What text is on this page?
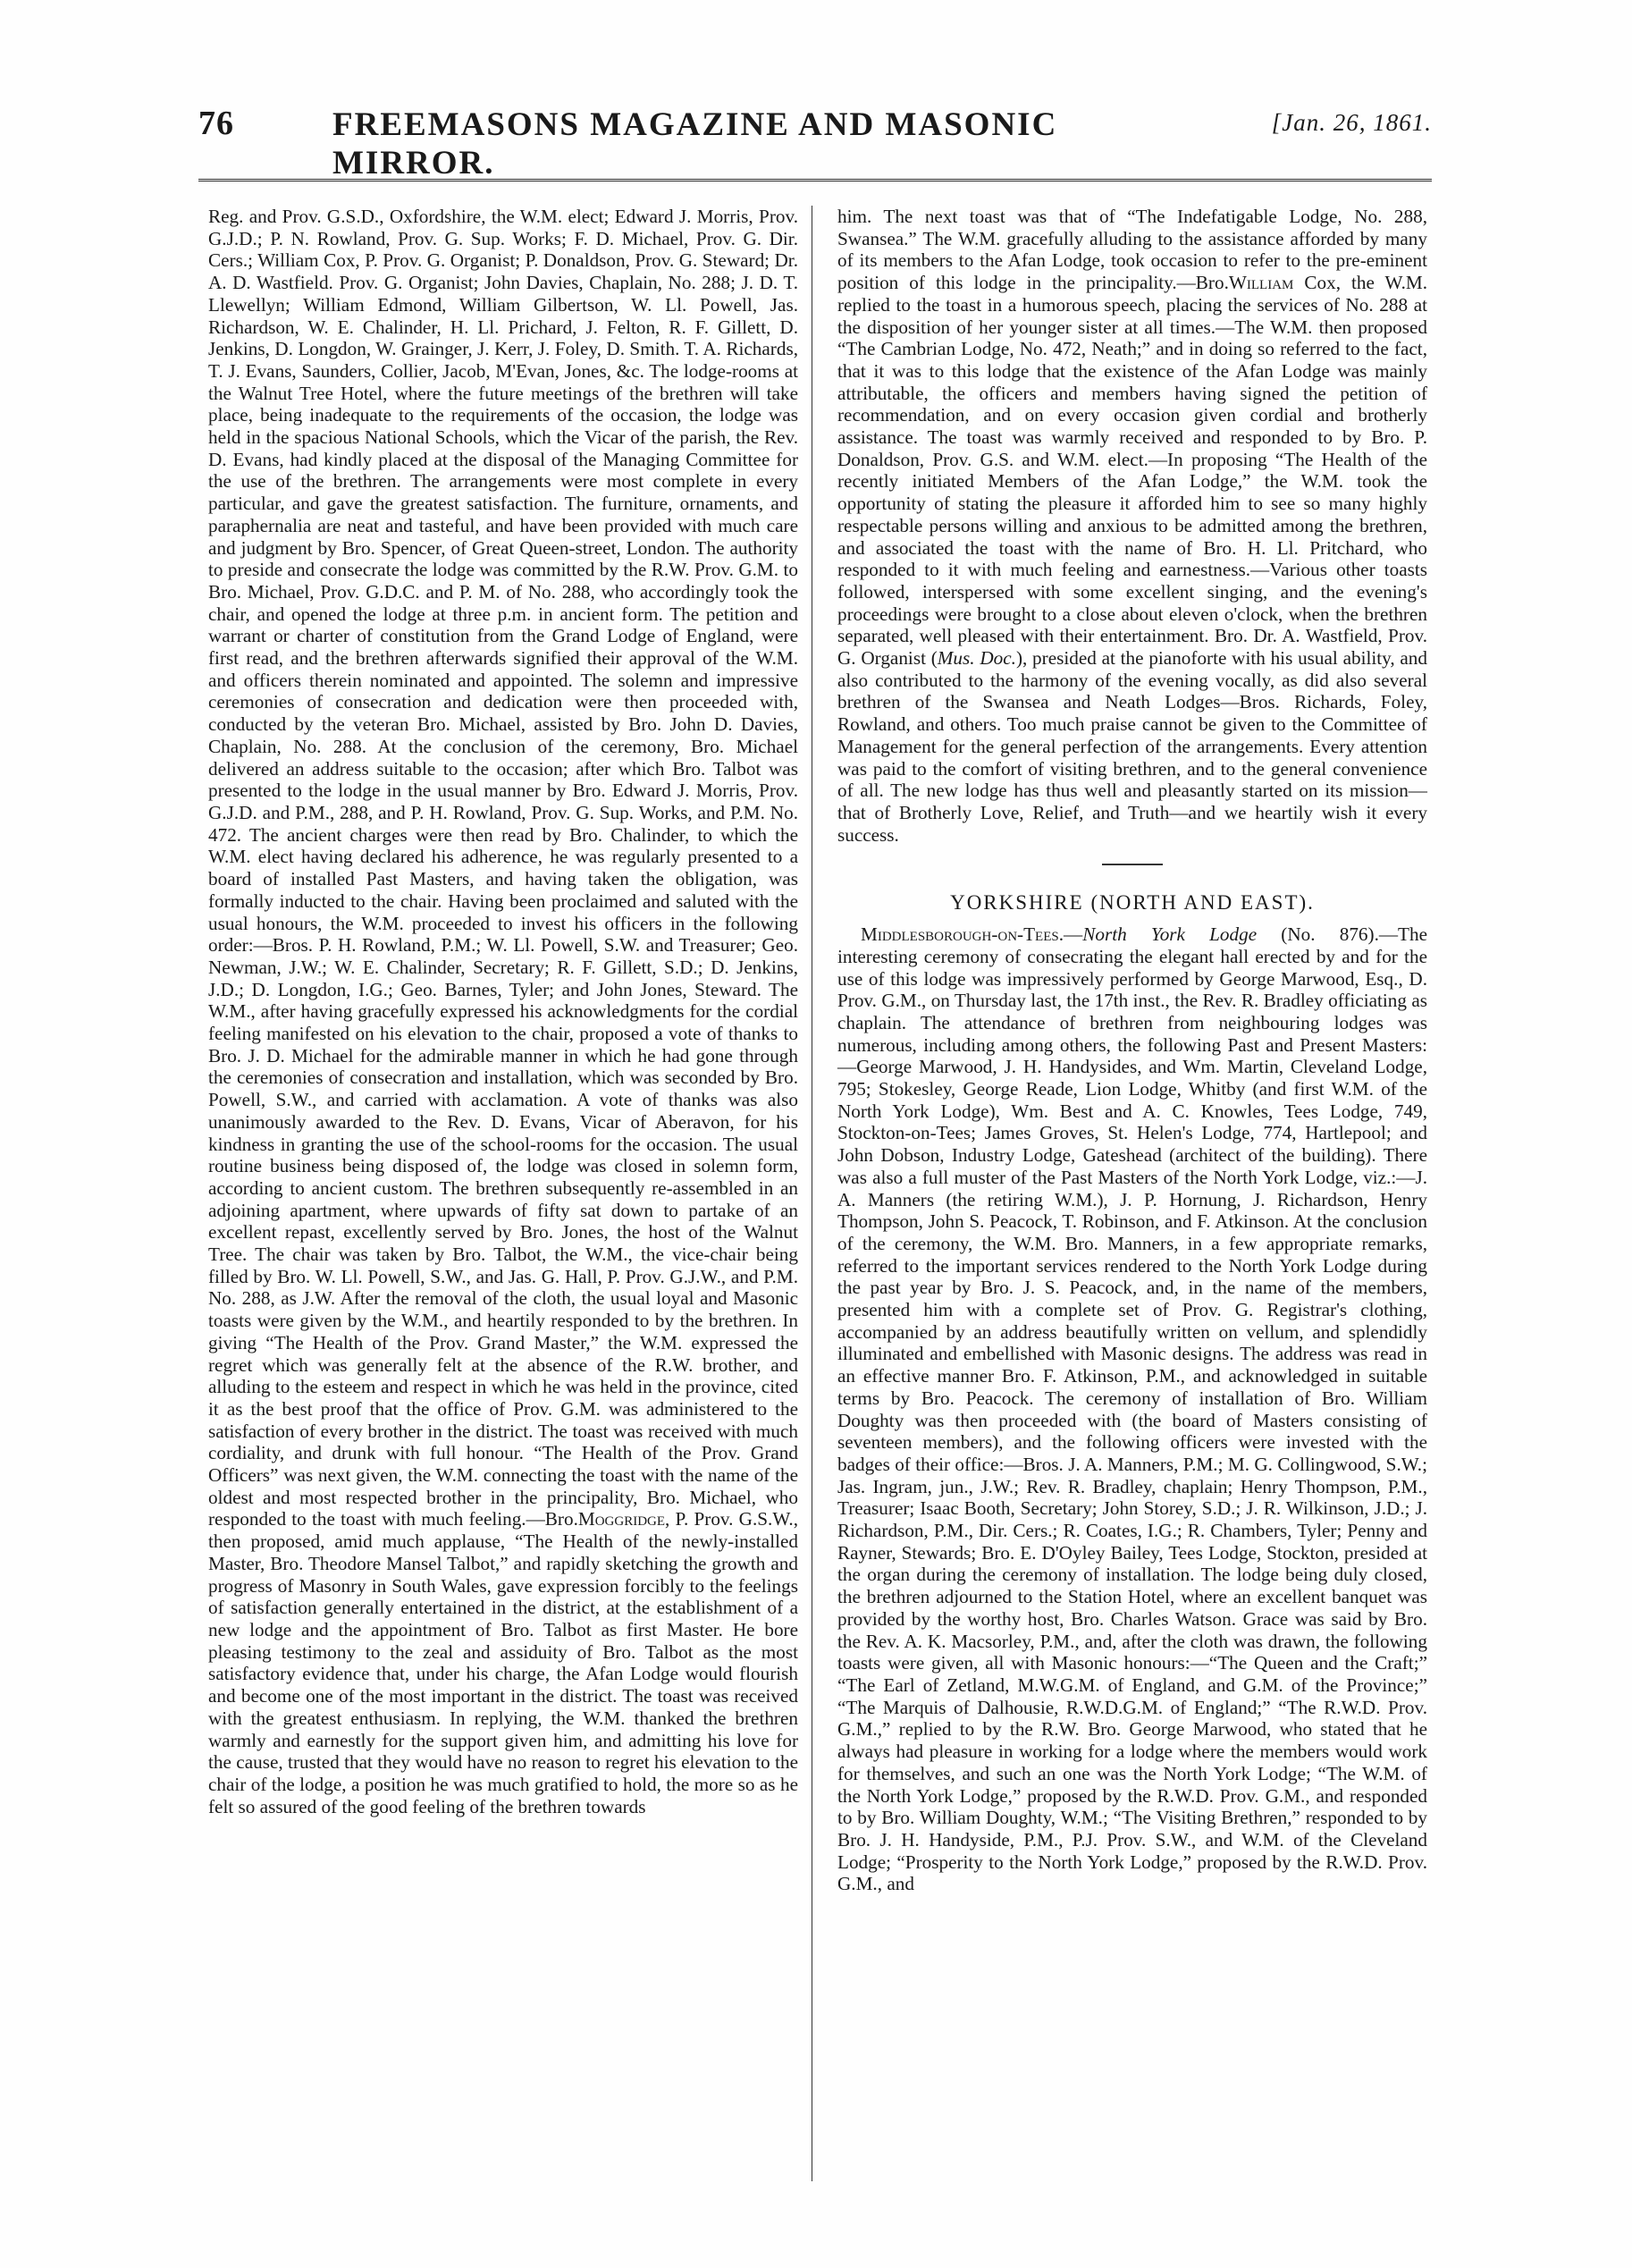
76	FREEMASONS MAGAZINE AND MASONIC MIRROR.
[Jan. 26, 1861.

Reg. and Prov. G.S.D., Oxfordshire, the W.M. elect; Edward J. Morris, Prov. G.J.D.; P. N. Rowland, Prov. G. Sup. Works; F. D. Michael, Prov. G. Dir. Cers.; William Cox, P. Prov. G. Organist; P. Donaldson, Prov. G. Steward; Dr. A. D. Wastfield. Prov. G. Organist; John Davies, Chaplain, No. 288; J. D. T. Llewellyn; William Edmond, William Gilbertson, W. Ll. Powell, Jas. Richardson, W. E. Chalinder, H. Ll. Prichard, J. Felton, R. F. Gillett, D. Jenkins, D. Longdon, W. Grainger, J. Kerr, J. Foley, D. Smith. T. A. Richards, T. J. Evans, Saunders, Collier, Jacob, M'Evan, Jones, &c. The lodge-rooms at the Walnut Tree Hotel, where the future meetings of the brethren will take place, being inadequate to the requirements of the occasion, the lodge was held in the spacious National Schools, which the Vicar of the parish, the Rev. D. Evans, had kindly placed at the disposal of the Managing Committee for the use of the brethren. The arrangements were most complete in every particular, and gave the greatest satisfaction. The furniture, ornaments, and paraphernalia are neat and tasteful, and have been provided with much care and judgment by Bro. Spencer, of Great Queen-street, London. The authority to preside and consecrate the lodge was committed by the R.W. Prov. G.M. to Bro. Michael, Prov. G.D.C. and P. M. of No. 288, who accordingly took the chair, and opened the lodge at three p.m. in ancient form. The petition and warrant or charter of constitution from the Grand Lodge of England, were first read, and the brethren afterwards signified their approval of the W.M. and officers therein nominated and appointed. The solemn and impressive ceremonies of consecration and dedication were then proceeded with, conducted by the veteran Bro. Michael, assisted by Bro. John D. Davies, Chaplain, No. 288. At the conclusion of the ceremony, Bro. Michael delivered an address suitable to the occasion; after which Bro. Talbot was presented to the lodge in the usual manner by Bro. Edward J. Morris, Prov. G.J.D. and P.M., 288, and P. H. Rowland, Prov. G. Sup. Works, and P.M. No. 472. The ancient charges were then read by Bro. Chalinder, to which the W.M. elect having declared his adherence, he was regularly presented to a board of installed Past Masters, and having taken the obligation, was formally inducted to the chair. Having been proclaimed and saluted with the usual honours, the W.M. proceeded to invest his officers in the following order:—Bros. P. H. Rowland, P.M.; W. Ll. Powell, S.W. and Treasurer; Geo. Newman, J.W.; W. E. Chalinder, Secretary; R. F. Gillett, S.D.; D. Jenkins, J.D.; D. Longdon, I.G.; Geo. Barnes, Tyler; and John Jones, Steward. The W.M., after having gracefully expressed his acknowledgments for the cordial feeling manifested on his elevation to the chair, proposed a vote of thanks to Bro. J. D. Michael for the admirable manner in which he had gone through the ceremonies of consecration and installation, which was seconded by Bro. Powell, S.W., and carried with acclamation. A vote of thanks was also unanimously awarded to the Rev. D. Evans, Vicar of Aberavon, for his kindness in granting the use of the school-rooms for the occasion. The usual routine business being disposed of, the lodge was closed in solemn form, according to ancient custom. The brethren subsequently re-assembled in an adjoining apartment, where upwards of fifty sat down to partake of an excellent repast, excellently served by Bro. Jones, the host of the Walnut Tree. The chair was taken by Bro. Talbot, the W.M., the vice-chair being filled by Bro. W. Ll. Powell, S.W., and Jas. G. Hall, P. Prov. G.J.W., and P.M. No. 288, as J.W. After the removal of the cloth, the usual loyal and Masonic toasts were given by the W.M., and heartily responded to by the brethren. In giving “The Health of the Prov. Grand Master,” the W.M. expressed the regret which was generally felt at the absence of the R.W. brother, and alluding to the esteem and respect in which he was held in the province, cited it as the best proof that the office of Prov. G.M. was administered to the satisfaction of every brother in the district. The toast was received with much cordiality, and drunk with full honour. “The Health of the Prov. Grand Officers” was next given, the W.M. connecting the toast with the name of the oldest and most respected brother in the principality, Bro. Michael, who responded to the toast with much feeling.—Bro.Moggridge, P. Prov. G.S.W., then proposed, amid much applause, “The Health of the newly-installed Master, Bro. Theodore Mansel Talbot,” and rapidly sketching the growth and progress of Masonry in South Wales, gave expression forcibly to the feelings of satisfaction generally entertained in the district, at the establishment of a new lodge and the appointment of Bro. Talbot as first Master. He bore pleasing testimony to the zeal and assiduity of Bro. Talbot as the most satisfactory evidence that, under his charge, the Afan Lodge would flourish and become one of the most important in the district. The toast was received with the greatest enthusiasm. In replying, the W.M. thanked the brethren warmly and earnestly for the support given him, and admitting his love for the cause, trusted that they would have no reason to regret his elevation to the chair of the lodge, a position he was much gratified to hold, the more so as he felt so assured of the good feeling of the brethren towards

him. The next toast was that of “The Indefatigable Lodge, No. 288, Swansea.” The W.M. gracefully alluding to the assistance afforded by many of its members to the Afan Lodge, took occasion to refer to the pre-eminent position of this lodge in the principality.—Bro.William Cox, the W.M. replied to the toast in a humorous speech, placing the services of No. 288 at the disposition of her younger sister at all times.—The W.M. then proposed “The Cambrian Lodge, No. 472, Neath;” and in doing so referred to the fact, that it was to this lodge that the existence of the Afan Lodge was mainly attributable, the officers and members having signed the petition of recommendation, and on every occasion given cordial and brotherly assistance. The toast was warmly received and responded to by Bro. P. Donaldson, Prov. G.S. and W.M. elect.—In proposing “The Health of the recently initiated Members of the Afan Lodge,” the W.M. took the opportunity of stating the pleasure it afforded him to see so many highly respectable persons willing and anxious to be admitted among the brethren, and associated the toast with the name of Bro. H. Ll. Pritchard, who responded to it with much feeling and earnestness.—Various other toasts followed, interspersed with some excellent singing, and the evening's proceedings were brought to a close about eleven o'clock, when the brethren separated, well pleased with their entertainment. Bro. Dr. A. Wastfield, Prov. G. Organist (Mus. Doc.), presided at the pianoforte with his usual ability, and also contributed to the harmony of the evening vocally, as did also several brethren of the Swansea and Neath Lodges—Bros. Richards, Foley, Rowland, and others. Too much praise cannot be given to the Committee of Management for the general perfection of the arrangements. Every attention was paid to the comfort of visiting brethren, and to the general convenience of all. The new lodge has thus well and pleasantly started on its mission—that of Brotherly Love, Relief, and Truth—and we heartily wish it every success.

YORKSHIRE (NORTH AND EAST).

Middlesborough-on-Tees.—North York Lodge (No. 876).—The interesting ceremony of consecrating the elegant hall erected by and for the use of this lodge was impressively performed by George Marwood, Esq., D. Prov. G.M., on Thursday last, the 17th inst., the Rev. R. Bradley officiating as chaplain. The attendance of brethren from neighbouring lodges was numerous, including among others, the following Past and Present Masters:—George Marwood, J. H. Handysides, and Wm. Martin, Cleveland Lodge, 795; Stokesley, George Reade, Lion Lodge, Whitby (and first W.M. of the North York Lodge), Wm. Best and A. C. Knowles, Tees Lodge, 749, Stockton-on-Tees; James Groves, St. Helen's Lodge, 774, Hartlepool; and John Dobson, Industry Lodge, Gateshead (architect of the building). There was also a full muster of the Past Masters of the North York Lodge, viz.:—J. A. Manners (the retiring W.M.), J. P. Hornung, J. Richardson, Henry Thompson, John S. Peacock, T. Robinson, and F. Atkinson. At the conclusion of the ceremony, the W.M. Bro. Manners, in a few appropriate remarks, referred to the important services rendered to the North York Lodge during the past year by Bro. J. S. Peacock, and, in the name of the members, presented him with a complete set of Prov. G. Registrar's clothing, accompanied by an address beautifully written on vellum, and splendidly illuminated and embellished with Masonic designs. The address was read in an effective manner Bro. F. Atkinson, P.M., and acknowledged in suitable terms by Bro. Peacock. The ceremony of installation of Bro. William Doughty was then proceeded with (the board of Masters consisting of seventeen members), and the following officers were invested with the badges of their office:—Bros. J. A. Manners, P.M.; M. G. Collingwood, S.W.; Jas. Ingram, jun., J.W.; Rev. R. Bradley, chaplain; Henry Thompson, P.M., Treasurer; Isaac Booth, Secretary; John Storey, S.D.; J. R. Wilkinson, J.D.; J. Richardson, P.M., Dir. Cers.; R. Coates, I.G.; R. Chambers, Tyler; Penny and Rayner, Stewards; Bro. E. D'Oyley Bailey, Tees Lodge, Stockton, presided at the organ during the ceremony of installation. The lodge being duly closed, the brethren adjourned to the Station Hotel, where an excellent banquet was provided by the worthy host, Bro. Charles Watson. Grace was said by Bro. the Rev. A. K. Macsorley, P.M., and, after the cloth was drawn, the following toasts were given, all with Masonic honours:—“The Queen and the Craft;” “The Earl of Zetland, M.W.G.M. of England, and G.M. of the Province;” “The Marquis of Dalhousie, R.W.D.G.M. of England;” “The R.W.D. Prov. G.M.,” replied to by the R.W. Bro. George Marwood, who stated that he always had pleasure in working for a lodge where the members would work for themselves, and such an one was the North York Lodge; “The W.M. of the North York Lodge,” proposed by the R.W.D. Prov. G.M., and responded to by Bro. William Doughty, W.M.; “The Visiting Brethren,” responded to by Bro. J. H. Handyside, P.M., P.J. Prov. S.W., and W.M. of the Cleveland Lodge; “Prosperity to the North York Lodge,” proposed by the R.W.D. Prov. G.M., and
